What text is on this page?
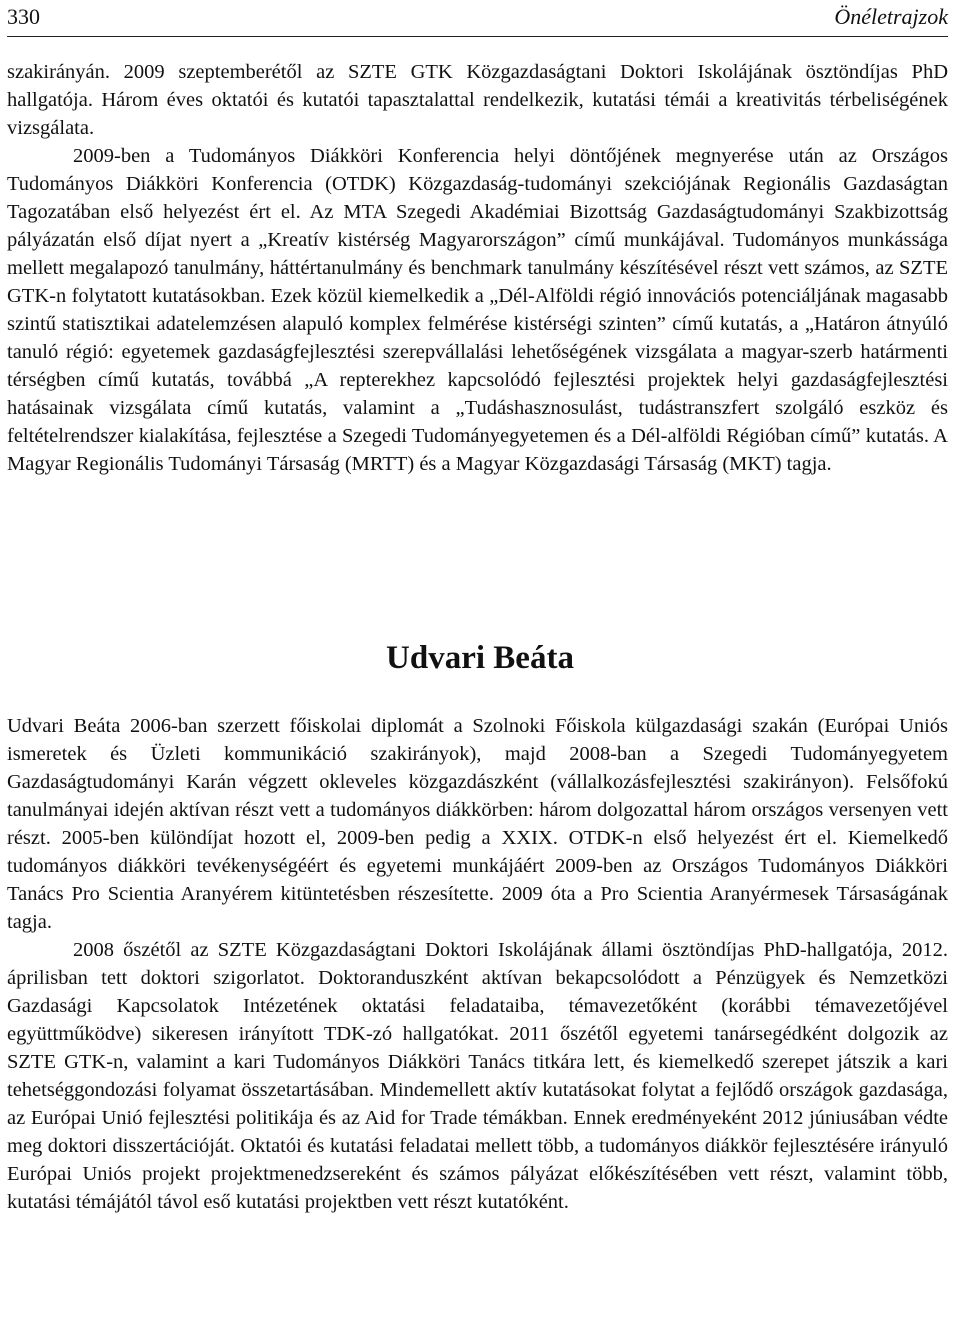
330	Önéletrajzok

szakirányán. 2009 szeptemberétől az SZTE GTK Közgazdaságtani Doktori Iskolájának ösztöndíjas PhD hallgatója. Három éves oktatói és kutatói tapasztalattal rendelkezik, kutatási témái a kreativitás térbeliségének vizsgálata.

2009-ben a Tudományos Diákköri Konferencia helyi döntőjének megnyerése után az Országos Tudományos Diákköri Konferencia (OTDK) Közgazdaság-tudományi szekciójának Regionális Gazdaságtan Tagozatában első helyezést ért el. Az MTA Szegedi Akadémiai Bizottság Gazdaságtudományi Szakbizottság pályázatán első díjat nyert a „Kreatív kistérség Magyarországon” című munkájával. Tudományos munkássága mellett megalapozó tanulmány, háttértanulmány és benchmark tanulmány készítésével részt vett számos, az SZTE GTK-n folytatott kutatásokban. Ezek közül kiemelkedik a „Dél-Alföldi régió innovációs potenciáljának magasabb szintű statisztikai adatelemzésen alapuló komplex felmérése kistérségi szinten” című kutatás, a „Határon átnyúló tanuló régió: egyetemek gazdaságfejlesztési szerepvállalási lehetőségének vizsgálata a magyar-szerb határmenti térségben című kutatás, továbbá „A repterekhez kapcsolódó fejlesztési projektek helyi gazdaságfejlesztési hatásainak vizsgálata című kutatás, valamint a „Tudáshasznosulást, tudástranszfert szolgáló eszköz és feltételrendszer kialakítása, fejlesztése a Szegedi Tudományegyetemen és a Dél-alföldi Régióban című” kutatás. A Magyar Regionális Tudományi Társaság (MRTT) és a Magyar Közgazdasági Társaság (MKT) tagja.

Udvari Beáta

Udvari Beáta 2006-ban szerzett főiskolai diplomát a Szolnoki Főiskola külgazdasági szakán (Európai Uniós ismeretek és Üzleti kommunikáció szakirányok), majd 2008-ban a Szegedi Tudományegyetem Gazdaságtudományi Karán végzett okleveles közgazdászként (vállalkozásfejlesztési szakirányon). Felsőfokú tanulmányai idején aktívan részt vett a tudományos diákkörben: három dolgozattal három országos versenyen vett részt. 2005-ben különdíjat hozott el, 2009-ben pedig a XXIX. OTDK-n első helyezést ért el. Kiemelkedő tudományos diákköri tevékenységéért és egyetemi munkájáért 2009-ben az Országos Tudományos Diákköri Tanács Pro Scientia Aranyérem kitüntetésben részesítette. 2009 óta a Pro Scientia Aranyérmesek Társaságának tagja.

2008 őszétől az SZTE Közgazdaságtani Doktori Iskolájának állami ösztöndíjas PhD-hallgatója, 2012. áprilisban tett doktori szigorlatot. Doktoranduszként aktívan bekapcsolódott a Pénzügyek és Nemzetközi Gazdasági Kapcsolatok Intézetének oktatási feladataiba, témavezetőként (korábbi témavezetőjével együttműködve) sikeresen irányított TDK-zó hallgatókat. 2011 őszétől egyetemi tanársegédként dolgozik az SZTE GTK-n, valamint a kari Tudományos Diákköri Tanács titkára lett, és kiemelkedő szerepet játszik a kari tehetséggondozási folyamat összetartásában. Mindemellett aktív kutatásokat folytat a fejlődő országok gazdasága, az Európai Unió fejlesztési politikája és az Aid for Trade témákban. Ennek eredményeként 2012 júniusában védte meg doktori disszertációját. Oktatói és kutatási feladatai mellett több, a tudományos diákkör fejlesztésére irányuló Európai Uniós projekt projektmenedzsereként és számos pályázat előkészítésében vett részt, valamint több, kutatási témájától távol eső kutatási projektben vett részt kutatóként.
